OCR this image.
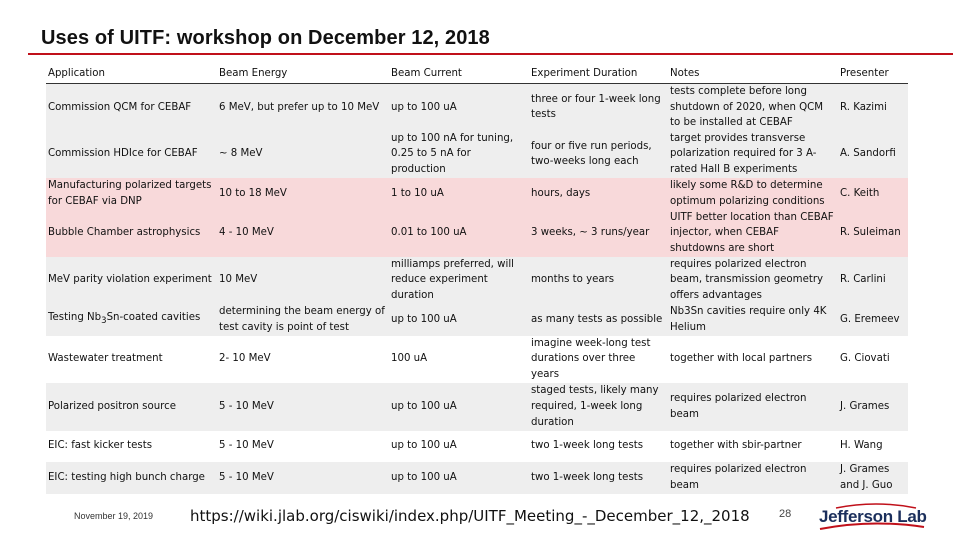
Uses of UITF: workshop on December 12, 2018
Application	Beam Energy	Beam Current	Experiment Duration	Notes	Presenter
Commission QCM for CEBAF	6 MeV, but prefer up to 10 MeV	up to 100 uA	three or four 1-week long tests	tests complete before long shutdown of 2020, when QCM to be installed at CEBAF	R. Kazimi
Commission HDIce for CEBAF	~ 8 MeV	up to 100 nA for tuning, 0.25 to 5 nA for production	four or five run periods, two-weeks long each	target provides transverse polarization required for 3 A-rated Hall B experiments	A. Sandorfi
Manufacturing polarized targets for CEBAF via DNP	10 to 18 MeV	1 to 10 uA	hours, days	likely some R&D to determine optimum polarizing conditions	C. Keith
Bubble Chamber astrophysics	4 - 10 MeV	0.01 to 100 uA	3 weeks, ~ 3 runs/year	UITF better location than CEBAF injector, when CEBAF shutdowns are short	R. Suleiman
MeV parity violation experiment	10 MeV	milliamps preferred, will reduce experiment duration	months to years	requires polarized electron beam, transmission geometry offers advantages	R. Carlini
Testing $Nb_3Sn$-coated cavities	determining the beam energy of test cavity is point of test	up to 100 uA	as many tests as possible	Nb3Sn cavities require only 4K Helium	G. Eremeev
Wastewater treatment	2- 10 MeV	100 uA	imagine week-long test durations over three years	together with local partners	G. Ciovati
Polarized positron source	5 - 10 MeV	up to 100 uA	staged tests, likely many required, 1-week long duration	requires polarized electron beam	J. Grames
EIC: fast kicker tests	5 - 10 MeV	up to 100 uA	two 1-week long tests	together with sbir-partner	H. Wang
EIC: testing high bunch charge	5 - 10 MeV	up to 100 uA	two 1-week long tests	requires polarized electron beam	J. Grames and J. Guo
November 19, 2019 https://wiki.jlab.org/ciswiki/index.php/UITF_Meeting_-_December_12,_2018	28 Jefferson Lab
